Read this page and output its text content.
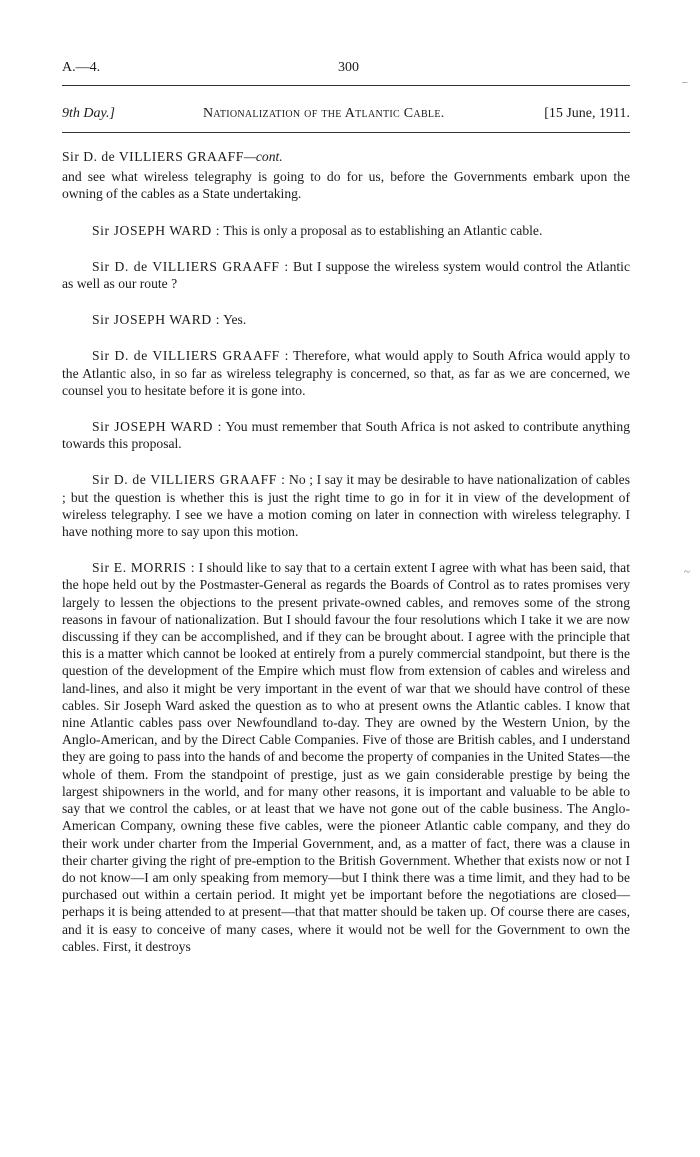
‒
~
A.—4.	300
9th Day.]	Nationalization of the Atlantic Cable.	[15 June, 1911.
Sir D. de VILLIERS GRAAFF—cont.

and see what wireless telegraphy is going to do for us, before the Governments embark upon the owning of the cables as a State undertaking.

Sir JOSEPH WARD : This is only a proposal as to establishing an Atlantic cable.

Sir D. de VILLIERS GRAAFF : But I suppose the wireless system would control the Atlantic as well as our route ?

Sir JOSEPH WARD : Yes.

Sir D. de VILLIERS GRAAFF : Therefore, what would apply to South Africa would apply to the Atlantic also, in so far as wireless telegraphy is concerned, so that, as far as we are concerned, we counsel you to hesitate before it is gone into.

Sir JOSEPH WARD : You must remember that South Africa is not asked to contribute anything towards this proposal.

Sir D. de VILLIERS GRAAFF : No ; I say it may be desirable to have nationalization of cables ; but the question is whether this is just the right time to go in for it in view of the development of wireless telegraphy. I see we have a motion coming on later in connection with wireless telegraphy. I have nothing more to say upon this motion.

Sir E. MORRIS : I should like to say that to a certain extent I agree with what has been said, that the hope held out by the Postmaster-General as regards the Boards of Control as to rates promises very largely to lessen the objections to the present private-owned cables, and removes some of the strong reasons in favour of nationalization. But I should favour the four resolutions which I take it we are now discussing if they can be accomplished, and if they can be brought about. I agree with the principle that this is a matter which cannot be looked at entirely from a purely commercial standpoint, but there is the question of the development of the Empire which must flow from extension of cables and wireless and land-lines, and also it might be very important in the event of war that we should have control of these cables. Sir Joseph Ward asked the question as to who at present owns the Atlantic cables. I know that nine Atlantic cables pass over Newfoundland to-day. They are owned by the Western Union, by the Anglo-American, and by the Direct Cable Companies. Five of those are British cables, and I understand they are going to pass into the hands of and become the property of companies in the United States—the whole of them. From the standpoint of prestige, just as we gain considerable prestige by being the largest shipowners in the world, and for many other reasons, it is important and valuable to be able to say that we control the cables, or at least that we have not gone out of the cable business. The Anglo-American Company, owning these five cables, were the pioneer Atlantic cable company, and they do their work under charter from the Imperial Government, and, as a matter of fact, there was a clause in their charter giving the right of pre-emption to the British Government. Whether that exists now or not I do not know—I am only speaking from memory—but I think there was a time limit, and they had to be purchased out within a certain period. It might yet be important before the negotiations are closed—perhaps it is being attended to at present—that that matter should be taken up. Of course there are cases, and it is easy to conceive of many cases, where it would not be well for the Government to own the cables. First, it destroys
